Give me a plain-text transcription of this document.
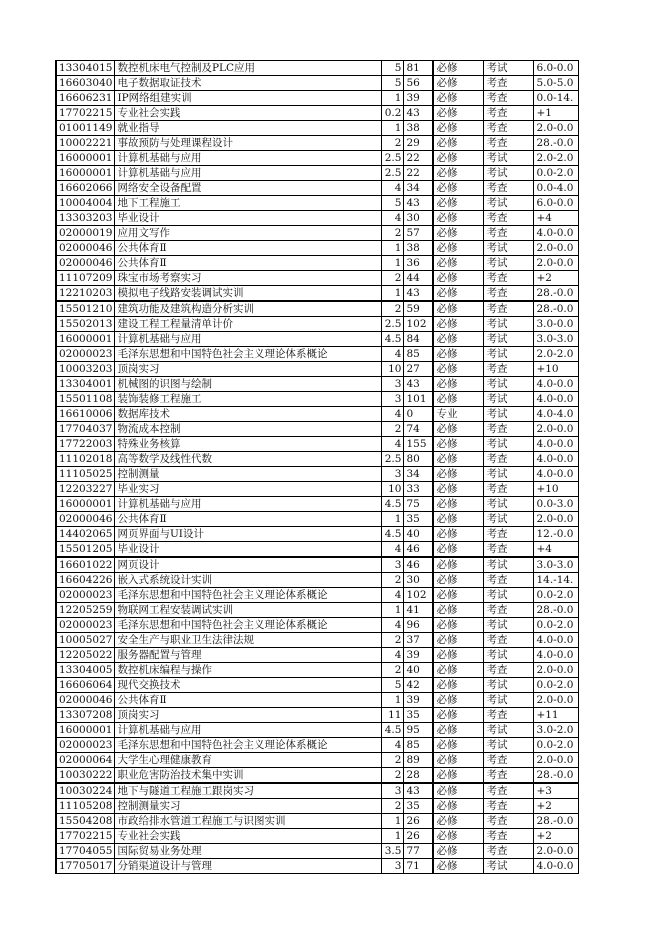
13304015	数控机床电气控制及PLC应用	5	81	必修	考试	6.0-0.0
16603040	电子数据取证技术	5	56	必修	考查	5.0-5.0
16606231	IP网络组建实训	1	39	必修	考查	0.0-14.
17702215	专业社会实践	0.2	43	必修	考查	+1
01001149	就业指导	1	38	必修	考查	2.0-0.0
10002221	事故预防与处理课程设计	2	29	必修	考查	28.-0.0
16000001	计算机基础与应用	2.5	22	必修	考试	2.0-2.0
16000001	计算机基础与应用	2.5	22	必修	考试	0.0-2.0
16602066	网络安全设备配置	4	34	必修	考查	0.0-4.0
10004004	地下工程施工	5	43	必修	考试	6.0-0.0
13303203	毕业设计	4	30	必修	考查	+4
02000019	应用文写作	2	57	必修	考查	4.0-0.0
02000046	公共体育Ⅱ	1	38	必修	考试	2.0-0.0
02000046	公共体育Ⅱ	1	36	必修	考试	2.0-0.0
11107209	珠宝市场考察实习	2	44	必修	考查	+2
12210203	模拟电子线路安装调试实训	1	43	必修	考查	28.-0.0
15501210	建筑功能及建筑构造分析实训	2	59	必修	考查	28.-0.0
15502013	建设工程工程量清单计价	2.5	102	必修	考试	3.0-0.0
16000001	计算机基础与应用	4.5	84	必修	考试	3.0-3.0
02000023	毛泽东思想和中国特色社会主义理论体系概论	4	85	必修	考试	2.0-2.0
10003203	顶岗实习	10	27	必修	考查	+10
13304001	机械图的识图与绘制	3	43	必修	考试	4.0-0.0
15501108	装饰装修工程施工	3	101	必修	考试	4.0-0.0
16610006	数据库技术	4	0	专业	考试	4.0-4.0
17704037	物流成本控制	2	74	必修	考查	2.0-0.0
17722003	特殊业务核算	4	155	必修	考试	4.0-0.0
11102018	高等数学及线性代数	2.5	80	必修	考查	4.0-0.0
11105025	控制测量	3	34	必修	考试	4.0-0.0
12203227	毕业实习	10	33	必修	考查	+10
16000001	计算机基础与应用	4.5	75	必修	考试	0.0-3.0
02000046	公共体育Ⅱ	1	35	必修	考试	2.0-0.0
14402065	网页界面与UI设计	4.5	40	必修	考查	12.-0.0
15501205	毕业设计	4	46	必修	考查	+4
16601022	网页设计	3	46	必修	考试	3.0-3.0
16604226	嵌入式系统设计实训	2	30	必修	考查	14.-14.
02000023	毛泽东思想和中国特色社会主义理论体系概论	4	102	必修	考试	0.0-2.0
12205259	物联网工程安装调试实训	1	41	必修	考查	28.-0.0
02000023	毛泽东思想和中国特色社会主义理论体系概论	4	96	必修	考试	0.0-2.0
10005027	安全生产与职业卫生法律法规	2	37	必修	考查	4.0-0.0
12205022	服务器配置与管理	4	39	必修	考试	4.0-0.0
13304005	数控机床编程与操作	2	40	必修	考查	2.0-0.0
16606064	现代交换技术	5	42	必修	考试	0.0-2.0
02000046	公共体育Ⅱ	1	39	必修	考试	2.0-0.0
13307208	顶岗实习	11	35	必修	考查	+11
16000001	计算机基础与应用	4.5	95	必修	考试	3.0-2.0
02000023	毛泽东思想和中国特色社会主义理论体系概论	4	85	必修	考试	0.0-2.0
02000064	大学生心理健康教育	2	89	必修	考查	2.0-0.0
10030222	职业危害防治技术集中实训	2	28	必修	考查	28.-0.0
10030224	地下与隧道工程施工跟岗实习	3	43	必修	考查	+3
11105208	控制测量实习	2	35	必修	考查	+2
15504208	市政给排水管道工程施工与识图实训	1	26	必修	考查	28.-0.0
17702215	专业社会实践	1	26	必修	考查	+2
17704055	国际贸易业务处理	3.5	77	必修	考查	2.0-0.0
17705017	分销渠道设计与管理	3	71	必修	考试	4.0-0.0
